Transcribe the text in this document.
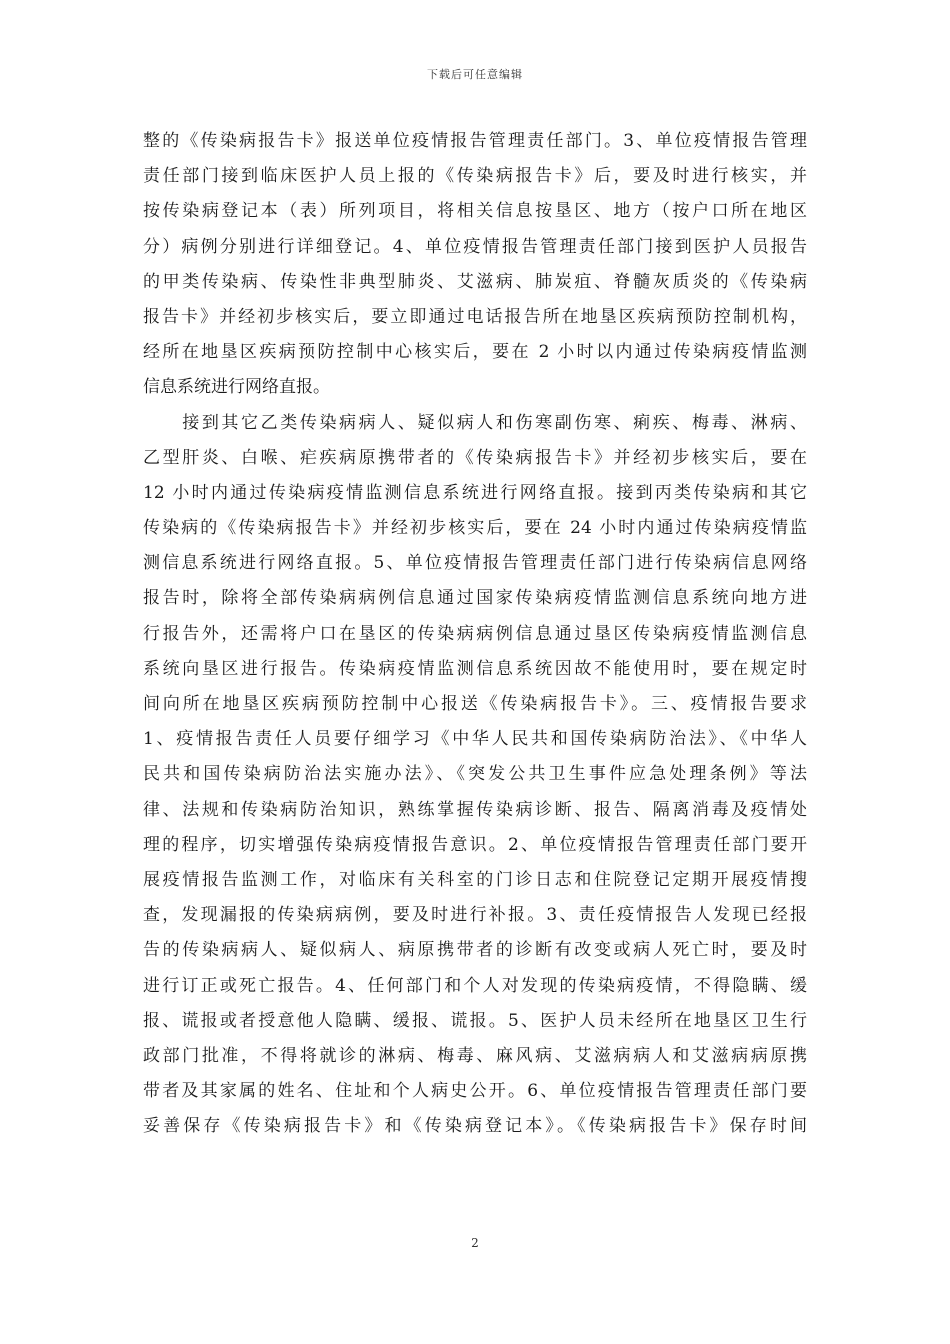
下载后可任意编辑
整的《传染病报告卡》报送单位疫情报告管理责任部门。3、单位疫情报告管理
责任部门接到临床医护人员上报的《传染病报告卡》后，要及时进行核实，并
按传染病登记本（表）所列项目，将相关信息按垦区、地方（按户口所在地区
分）病例分别进行详细登记。4、单位疫情报告管理责任部门接到医护人员报告
的甲类传染病、传染性非典型肺炎、艾滋病、肺炭疽、脊髓灰质炎的《传染病
报告卡》并经初步核实后，要立即通过电话报告所在地垦区疾病预防控制机构，
经所在地垦区疾病预防控制中心核实后，要在 2 小时以内通过传染病疫情监测
信息系统进行网络直报。
　　接到其它乙类传染病病人、疑似病人和伤寒副伤寒、痢疾、梅毒、淋病、
乙型肝炎、白喉、疟疾病原携带者的《传染病报告卡》并经初步核实后，要在
12 小时内通过传染病疫情监测信息系统进行网络直报。接到丙类传染病和其它
传染病的《传染病报告卡》并经初步核实后，要在 24 小时内通过传染病疫情监
测信息系统进行网络直报。5、单位疫情报告管理责任部门进行传染病信息网络
报告时，除将全部传染病病例信息通过国家传染病疫情监测信息系统向地方进
行报告外，还需将户口在垦区的传染病病例信息通过垦区传染病疫情监测信息
系统向垦区进行报告。传染病疫情监测信息系统因故不能使用时，要在规定时
间向所在地垦区疾病预防控制中心报送《传染病报告卡》。三、疫情报告要求
1、疫情报告责任人员要仔细学习《中华人民共和国传染病防治法》、《中华人
民共和国传染病防治法实施办法》、《突发公共卫生事件应急处理条例》等法
律、法规和传染病防治知识，熟练掌握传染病诊断、报告、隔离消毒及疫情处
理的程序，切实增强传染病疫情报告意识。2、单位疫情报告管理责任部门要开
展疫情报告监测工作，对临床有关科室的门诊日志和住院登记定期开展疫情搜
查，发现漏报的传染病病例，要及时进行补报。3、责任疫情报告人发现已经报
告的传染病病人、疑似病人、病原携带者的诊断有改变或病人死亡时，要及时
进行订正或死亡报告。4、任何部门和个人对发现的传染病疫情，不得隐瞒、缓
报、谎报或者授意他人隐瞒、缓报、谎报。5、医护人员未经所在地垦区卫生行
政部门批准，不得将就诊的淋病、梅毒、麻风病、艾滋病病人和艾滋病病原携
带者及其家属的姓名、住址和个人病史公开。6、单位疫情报告管理责任部门要
妥善保存《传染病报告卡》和《传染病登记本》。《传染病报告卡》保存时间
2
